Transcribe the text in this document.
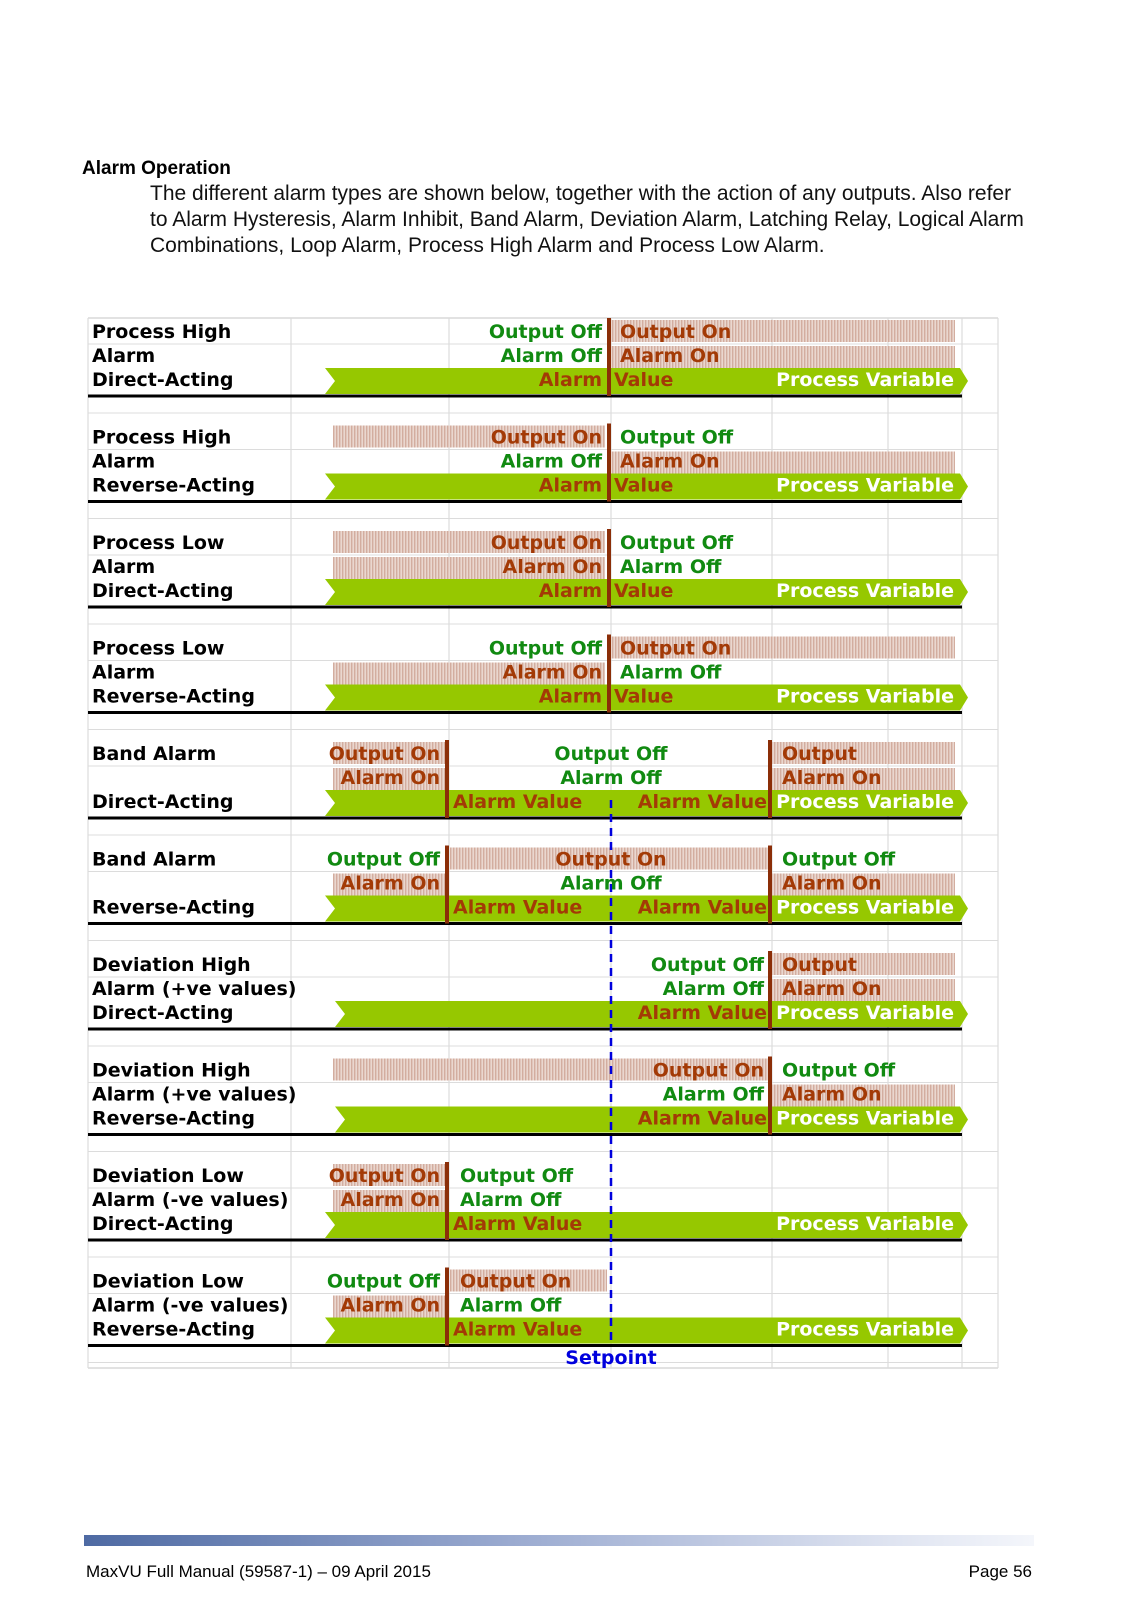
Alarm Operation
The different alarm types are shown below, together with the action of any outputs. Also refer to Alarm Hysteresis, Alarm Inhibit, Band Alarm, Deviation Alarm, Latching Relay, Logical Alarm Combinations, Loop Alarm, Process High Alarm and Process Low Alarm.
Process High
Alarm
Direct-Acting
Output Off
Alarm Off
Alarm
Output On
Alarm On
Value	Process Variable
Process High
Alarm
Reverse-Acting
Output On
Alarm Off
Alarm
Output Off
Alarm On
Value	Process Variable
Process Low
Alarm
Direct-Acting
Output On
Alarm On
Alarm
Output Off
Alarm Off
Value	Process Variable
Process Low
Alarm
Reverse-Acting
Output Off
Alarm On
Alarm
Output On
Alarm Off
Value	Process Variable
Band Alarm
Direct-Acting
Output On
Alarm On
Output Off
Alarm Off
Alarm Value	Alarm Value
Output
Alarm On
Process Variable
Band Alarm
Reverse-Acting
Output Off
Alarm On
Output On
Alarm Off
Alarm Value	Alarm Value
Output Off
Alarm On
Process Variable
Deviation High
Alarm (+ve values)
Direct-Acting
Output Off
Alarm Off
Alarm Value
Output
Alarm On
Process Variable
Deviation High
Alarm (+ve values)
Reverse-Acting
Output On
Alarm Off
Alarm Value
Output Off
Alarm On
Process Variable
Deviation Low
Alarm (-ve values)
Direct-Acting
Output On
Alarm On
Output Off
Alarm Off
Alarm Value	Process Variable
Deviation Low
Alarm (-ve values)
Reverse-Acting
Output Off
Alarm On
Output On
Alarm Off
Alarm Value	Process Variable
Setpoint
MaxVU Full Manual (59587-1) – 09 April 2015	Page 56
